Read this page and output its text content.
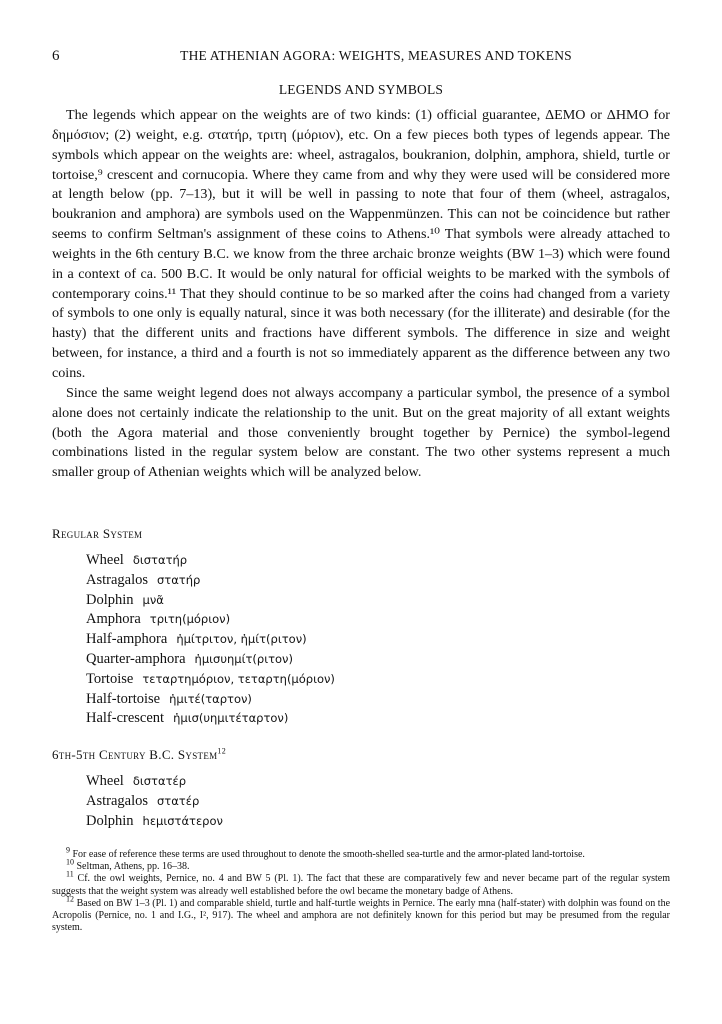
6	THE ATHENIAN AGORA: WEIGHTS, MEASURES AND TOKENS
LEGENDS AND SYMBOLS

The legends which appear on the weights are of two kinds: (1) official guarantee, ΔΕΜΟ or ΔΗΜΟ for δημόσιον; (2) weight, e.g. στατήρ, τριτη (μόριον), etc. On a few pieces both types of legends appear. The symbols which appear on the weights are: wheel, astragalos, boukranion, dolphin, amphora, shield, turtle or tortoise,⁹ crescent and cornucopia. Where they came from and why they were used will be considered more at length below (pp. 7–13), but it will be well in passing to note that four of them (wheel, astragalos, boukranion and amphora) are symbols used on the Wappenmünzen. This can not be coincidence but rather seems to confirm Seltman's assignment of these coins to Athens.¹⁰ That symbols were already attached to weights in the 6th century B.C. we know from the three archaic bronze weights (BW 1–3) which were found in a context of ca. 500 B.C. It would be only natural for official weights to be marked with the symbols of contemporary coins.¹¹ That they should continue to be so marked after the coins had changed from a variety of symbols to one only is equally natural, since it was both necessary (for the illiterate) and desirable (for the hasty) that the different units and fractions have different symbols. The difference in size and weight between, for instance, a third and a fourth is not so immediately apparent as the difference between any two coins.

Since the same weight legend does not always accompany a particular symbol, the presence of a symbol alone does not certainly indicate the relationship to the unit. But on the great majority of all extant weights (both the Agora material and those conveniently brought together by Pernice) the symbol-legend combinations listed in the regular system below are constant. The two other systems represent a much smaller group of Athenian weights which will be analyzed below.

Regular System
Wheel διστατήρ
Astragalos στατήρ
Dolphin μνᾶ
Amphora τριτη(μόριον)
Half-amphora ἡμίτριτον, ἡμίτ(ριτον)
Quarter-amphora ἡμισυημίτ(ριτον)
Tortoise τεταρτημόριον, τεταρτη(μόριον)
Half-tortoise ἡμιτέ(ταρτον)
Half-crescent ἡμισ(υημιτέταρτον)
6th-5th Century B.C. System$^{12}$
Wheel διστατέρ
Astragalos στατέρ
Dolphin hεμιστάτερον

$^9$ For ease of reference these terms are used throughout to denote the smooth-shelled sea-turtle and the armor-plated land-tortoise.

$^{10}$ Seltman, Athens, pp. 16–38.

$^{11}$ Cf. the owl weights, Pernice, no. 4 and BW 5 (Pl. 1). The fact that these are comparatively few and never became part of the regular system suggests that the weight system was already well established before the owl became the monetary badge of Athens.

$^{12}$ Based on BW 1–3 (Pl. 1) and comparable shield, turtle and half-turtle weights in Pernice. The early mna (half-stater) with dolphin was found on the Acropolis (Pernice, no. 1 and I.G., I², 917). The wheel and amphora are not definitely known for this period but may be presumed from the regular system.
